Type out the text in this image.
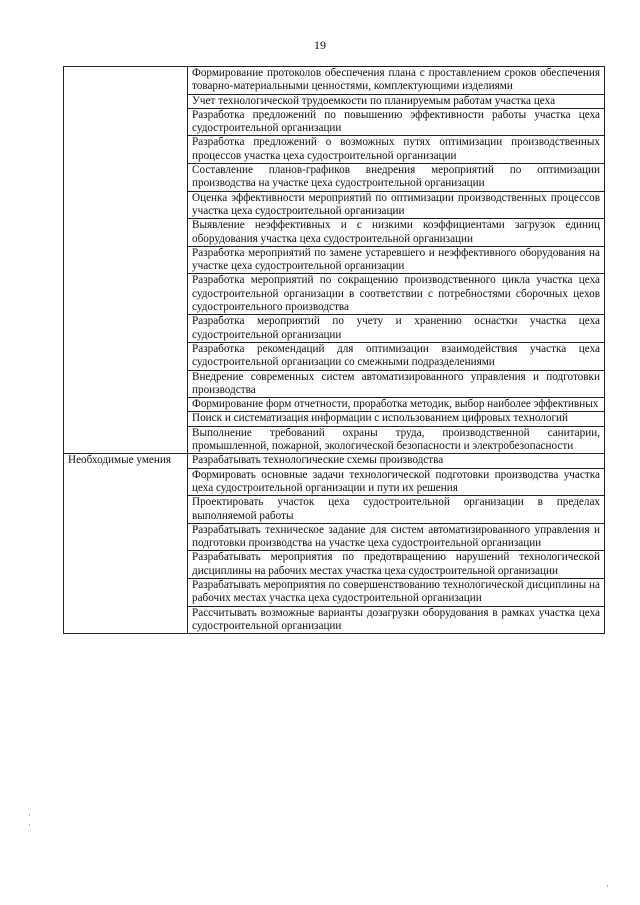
19
	Формирование протоколов обеспечения плана с проставлением сроков обеспечения товарно-материальными ценностями, комплектующими изделиями
	Учет технологической трудоемкости по планируемым работам участка цеха
	Разработка предложений по повышению эффективности работы участка цеха судостроительной организации
	Разработка предложений о возможных путях оптимизации производственных процессов участка цеха судостроительной организации
	Составление планов-графиков внедрения мероприятий по оптимизации производства на участке цеха судостроительной организации
	Оценка эффективности мероприятий по оптимизации производственных процессов участка цеха судостроительной организации
	Выявление неэффективных и с низкими коэффициентами загрузок единиц оборудования участка цеха судостроительной организации
	Разработка мероприятий по замене устаревшего и неэффективного оборудования на участке цеха судостроительной организации
	Разработка мероприятий по сокращению производственного цикла участка цеха судостроительной организации в соответствии с потребностями сборочных цехов судостроительного производства
	Разработка мероприятий по учету и хранению оснастки участка цеха судостроительной организации
	Разработка рекомендаций для оптимизации взаимодействия участка цеха судостроительной организации со смежными подразделениями
	Внедрение современных систем автоматизированного управления и подготовки производства
	Формирование форм отчетности, проработка методик, выбор наиболее эффективных
	Поиск и систематизация информации с использованием цифровых технологий
	Выполнение требований охраны труда, производственной санитарии, промышленной, пожарной, экологической безопасности и электробезопасности
Необходимые умения	Разрабатывать технологические схемы производства
	Формировать основные задачи технологической подготовки производства участка цеха судостроительной организации и пути их решения
	Проектировать участок цеха судостроительной организации в пределах выполняемой работы
	Разрабатывать техническое задание для систем автоматизированного управления и подготовки производства на участке цеха судостроительной организации
	Разрабатывать мероприятия по предотвращению нарушений технологической дисциплины на рабочих местах участка цеха судостроительной организации
	Разрабатывать мероприятия по совершенствованию технологической дисциплины на рабочих местах участка цеха судостроительной организации
	Рассчитывать возможные варианты дозагрузки оборудования в рамках участка цеха судостроительной организации
·
·
·
